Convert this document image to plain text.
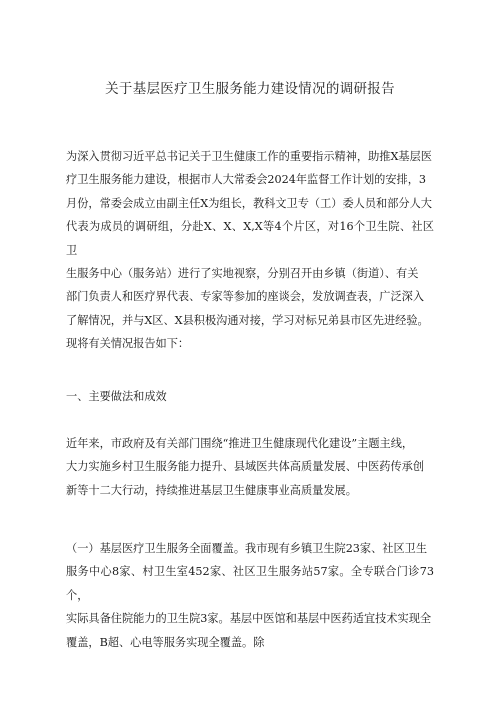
关于基层医疗卫生服务能力建设情况的调研报告
为深入贯彻习近平总书记关于卫生健康工作的重要指示精神，助推X基层医
疗卫生服务能力建设，根据市人大常委会2024年监督工作计划的安排，3
月份，常委会成立由副主任X为组长，教科文卫专（工）委人员和部分人大
代表为成员的调研组，分赴X、X、X,X等4个片区，对16个卫生院、社区卫
生服务中心（服务站）进行了实地视察，分别召开由乡镇（街道）、有关
部门负责人和医疗界代表、专家等参加的座谈会，发放调查表，广泛深入
了解情况，并与X区、X县积极沟通对接，学习对标兄弟县市区先进经验。
现将有关情况报告如下：
一、主要做法和成效
近年来，市政府及有关部门围绕“推进卫生健康现代化建设”主题主线，
大力实施乡村卫生服务能力提升、县域医共体高质量发展、中医药传承创
新等十二大行动，持续推进基层卫生健康事业高质量发展。
（一）基层医疗卫生服务全面覆盖。我市现有乡镇卫生院23家、社区卫生
服务中心8家、村卫生室452家、社区卫生服务站57家。全专联合门诊73个，
实际具备住院能力的卫生院3家。基层中医馆和基层中医药适宜技术实现全
覆盖，B超、心电等服务实现全覆盖。除
